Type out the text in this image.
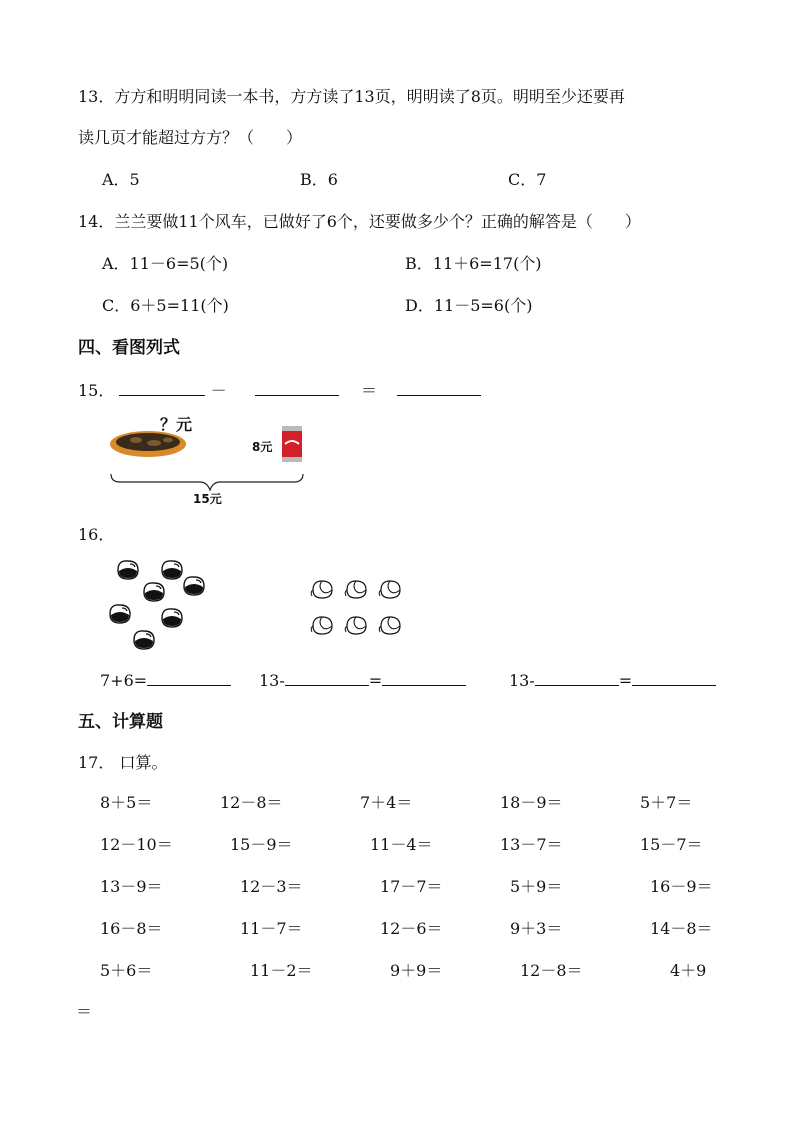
13．方方和明明同读一本书，方方读了13页，明明读了8页。明明至少还要再
读几页才能超过方方？（　　）
A．5	B．6	C．7
14．兰兰要做11个风车，已做好了6个，还要做多少个？正确的解答是（　　）
A．11－6=5(个)	B．11＋6=17(个)
C．6＋5=11(个)	D．11－5=6(个)
四、看图列式
15．	－	＝
？元
8元
15元
16．
7+6=	13-	=	13-	=
五、计算题
17． 口算。
8＋5＝	12－8＝	7＋4＝	18－9＝	5＋7＝
12－10＝	15－9＝	11－4＝	13－7＝	15－7＝
13－9＝	12－3＝	17－7＝	5＋9＝	16－9＝
16－8＝	11－7＝	12－6＝	9＋3＝	14－8＝
5＋6＝	11－2＝	9＋9＝	12－8＝	4＋9
＝
